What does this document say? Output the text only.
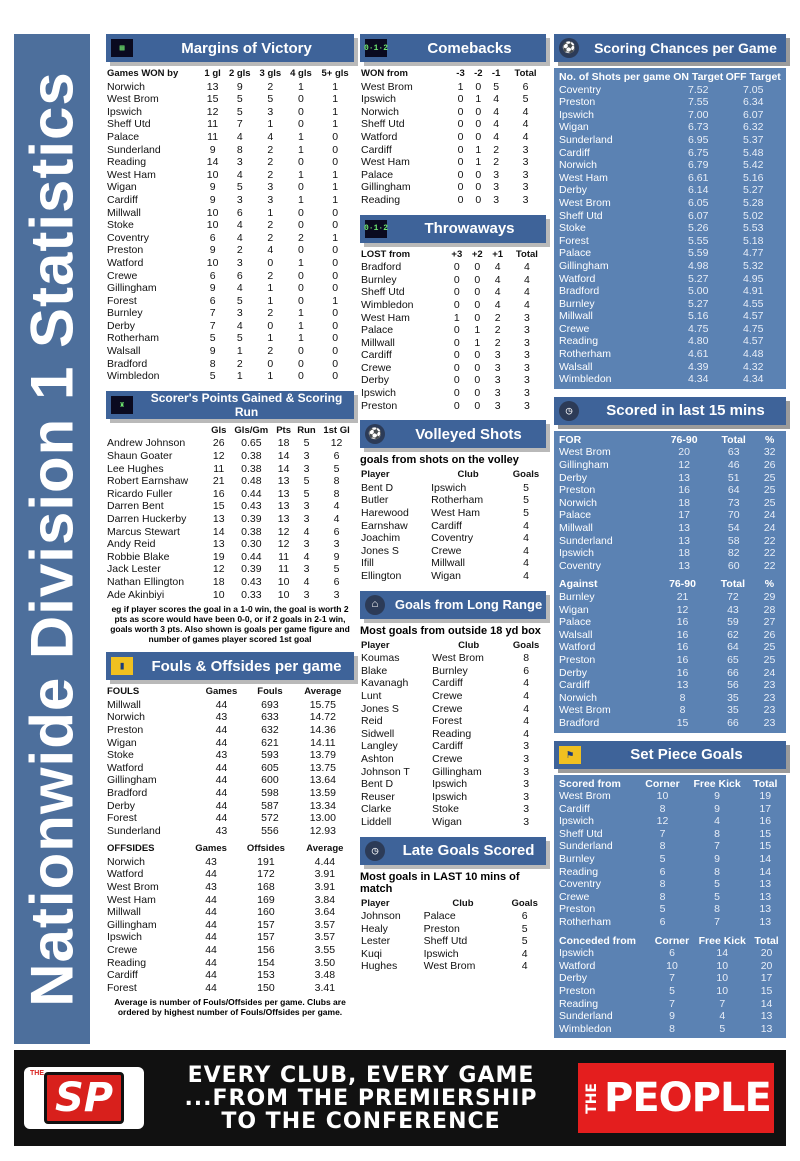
Nationwide Division 1 Statistics
▦	Margins of Victory
Games WON by	1 gl	2 gls	3 gls	4 gls	5+ gls
Norwich	13	9	2	1	1
West Brom	15	5	5	0	1
Ipswich	12	5	3	0	1
Sheff Utd	11	7	1	0	1
Palace	11	4	4	1	0
Sunderland	9	8	2	1	0
Reading	14	3	2	0	0
West Ham	10	4	2	1	1
Wigan	9	5	3	0	1
Cardiff	9	3	3	1	1
Millwall	10	6	1	0	0
Stoke	10	4	2	0	0
Coventry	6	4	2	2	1
Preston	9	2	4	0	0
Watford	10	3	0	1	0
Crewe	6	6	2	0	0
Gillingham	9	4	1	0	0
Forest	6	5	1	0	1
Burnley	7	3	2	1	0
Derby	7	4	0	1	0
Rotherham	5	5	1	1	0
Walsall	9	1	2	0	0
Bradford	8	2	0	0	0
Wimbledon	5	1	1	0	0
♜
Scorer's Points Gained & Scoring Run
	Gls	Gls/Gm	Pts	Run	1st Gl
Andrew Johnson	26	0.65	18	5	12
Shaun Goater	12	0.38	14	3	6
Lee Hughes	11	0.38	14	3	5
Robert Earnshaw	21	0.48	13	5	8
Ricardo Fuller	16	0.44	13	5	8
Darren Bent	15	0.43	13	3	4
Darren Huckerby	13	0.39	13	3	4
Marcus Stewart	14	0.38	12	4	6
Andy Reid	13	0.30	12	3	3
Robbie Blake	19	0.44	11	4	9
Jack Lester	12	0.39	11	3	5
Nathan Ellington	18	0.43	10	4	6
Ade Akinbiyi	10	0.33	10	3	3
eg if player scores the goal in a 1-0 win, the goal is worth 2 pts as score would have been 0-0, or if 2 goals in 2-1 win, goals worth 3 pts. Also shown is goals per game figure and number of games player scored 1st goal
▮	Fouls & Offsides per game
FOULS	Games	Fouls	Average
Millwall	44	693	15.75
Norwich	43	633	14.72
Preston	44	632	14.36
Wigan	44	621	14.11
Stoke	43	593	13.79
Watford	44	605	13.75
Gillingham	44	600	13.64
Bradford	44	598	13.59
Derby	44	587	13.34
Forest	44	572	13.00
Sunderland	43	556	12.93
OFFSIDES	Games	Offsides	Average
Norwich	43	191	4.44
Watford	44	172	3.91
West Brom	43	168	3.91
West Ham	44	169	3.84
Millwall	44	160	3.64
Gillingham	44	157	3.57
Ipswich	44	157	3.57
Crewe	44	156	3.55
Reading	44	154	3.50
Cardiff	44	153	3.48
Forest	44	150	3.41
Average is number of Fouls/Offsides per game. Clubs are ordered by highest number of Fouls/Offsides per game.
0·1·2	Comebacks
WON from	-3	-2	-1	Total
West Brom	1	0	5	6
Ipswich	0	1	4	5
Norwich	0	0	4	4
Sheff Utd	0	0	4	4
Watford	0	0	4	4
Cardiff	0	1	2	3
West Ham	0	1	2	3
Palace	0	0	3	3
Gillingham	0	0	3	3
Reading	0	0	3	3
0·1·2	Throwaways
LOST from	+3	+2	+1	Total
Bradford	0	0	4	4
Burnley	0	0	4	4
Sheff Utd	0	0	4	4
Wimbledon	0	0	4	4
West Ham	1	0	2	3
Palace	0	1	2	3
Millwall	0	1	2	3
Cardiff	0	0	3	3
Crewe	0	0	3	3
Derby	0	0	3	3
Ipswich	0	0	3	3
Preston	0	0	3	3
⚽	Volleyed Shots
goals from shots on the volley
Player	Club	Goals
Bent D	Ipswich	5
Butler	Rotherham	5
Harewood	West Ham	5
Earnshaw	Cardiff	4
Joachim	Coventry	4
Jones S	Crewe	4
Ifill	Millwall	4
Ellington	Wigan	4
⌂	Goals from Long Range
Most goals from outside 18 yd box
Player	Club	Goals
Koumas	West Brom	8
Blake	Burnley	6
Kavanagh	Cardiff	4
Lunt	Crewe	4
Jones S	Crewe	4
Reid	Forest	4
Sidwell	Reading	4
Langley	Cardiff	3
Ashton	Crewe	3
Johnson T	Gillingham	3
Bent D	Ipswich	3
Reuser	Ipswich	3
Clarke	Stoke	3
Liddell	Wigan	3
◷	Late Goals Scored
Most goals in LAST 10 mins of match
Player	Club	Goals
Johnson	Palace	6
Healy	Preston	5
Lester	Sheff Utd	5
Kuqi	Ipswich	4
Hughes	West Brom	4
⚽	Scoring Chances per Game
No. of Shots per game	ON Target	OFF Target
Coventry	7.52	7.05
Preston	7.55	6.34
Ipswich	7.00	6.07
Wigan	6.73	6.32
Sunderland	6.95	5.37
Cardiff	6.75	5.48
Norwich	6.79	5.42
West Ham	6.61	5.16
Derby	6.14	5.27
West Brom	6.05	5.28
Sheff Utd	6.07	5.02
Stoke	5.26	5.53
Forest	5.55	5.18
Palace	5.59	4.77
Gillingham	4.98	5.32
Watford	5.27	4.95
Bradford	5.00	4.91
Burnley	5.27	4.55
Millwall	5.16	4.57
Crewe	4.75	4.75
Reading	4.80	4.57
Rotherham	4.61	4.48
Walsall	4.39	4.32
Wimbledon	4.34	4.34
◷	Scored in last 15 mins
FOR	76-90	Total	%
West Brom	20	63	32
Gillingham	12	46	26
Derby	13	51	25
Preston	16	64	25
Norwich	18	73	25
Palace	17	70	24
Millwall	13	54	24
Sunderland	13	58	22
Ipswich	18	82	22
Coventry	13	60	22
Against	76-90	Total	%
Burnley	21	72	29
Wigan	12	43	28
Palace	16	59	27
Walsall	16	62	26
Watford	16	64	25
Preston	16	65	25
Derby	16	66	24
Cardiff	13	56	23
Norwich	8	35	23
West Brom	8	35	23
Bradford	15	66	23
⚑	Set Piece Goals
Scored from	Corner	Free Kick	Total
West Brom	10	9	19
Cardiff	8	9	17
Ipswich	12	4	16
Sheff Utd	7	8	15
Sunderland	8	7	15
Burnley	5	9	14
Reading	6	8	14
Coventry	8	5	13
Crewe	8	5	13
Preston	5	8	13
Rotherham	6	7	13
Conceded from	Corner	Free Kick	Total
Ipswich	6	14	20
Watford	10	10	20
Derby	7	10	17
Preston	5	10	15
Reading	7	7	14
Sunderland	9	4	13
Wimbledon	8	5	13
THE
SP	EVERY CLUB, EVERY GAME
...FROM THE PREMIERSHIP
TO THE CONFERENCE
THE PEOPLE
